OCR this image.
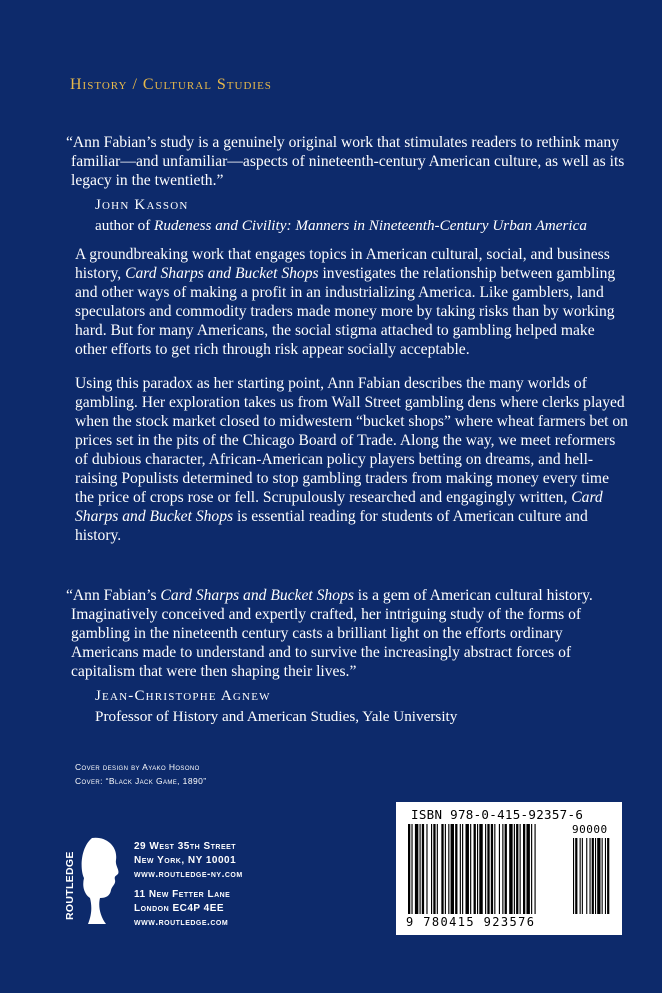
History / Cultural Studies

“Ann Fabian’s study is a genuinely original work that stimulates readers to rethink many familiar—and unfamiliar—aspects of nineteenth-century American culture, as well as its legacy in the twentieth.”

John Kasson
author of Rudeness and Civility: Manners in Nineteenth-Century Urban America

A groundbreaking work that engages topics in American cultural, social, and business history, Card Sharps and Bucket Shops investigates the relationship between gambling and other ways of making a profit in an industrializing America. Like gamblers, land speculators and commodity traders made money more by taking risks than by working hard. But for many Americans, the social stigma attached to gambling helped make other efforts to get rich through risk appear socially acceptable.

Using this paradox as her starting point, Ann Fabian describes the many worlds of gambling. Her exploration takes us from Wall Street gambling dens where clerks played when the stock market closed to midwestern “bucket shops” where wheat farmers bet on prices set in the pits of the Chicago Board of Trade. Along the way, we meet reformers of dubious character, African-American policy players betting on dreams, and hell-raising Populists determined to stop gambling traders from making money every time the price of crops rose or fell. Scrupulously researched and engagingly written, Card Sharps and Bucket Shops is essential reading for students of American culture and history.

“Ann Fabian’s Card Sharps and Bucket Shops is a gem of American cultural history. Imaginatively conceived and expertly crafted, her intriguing study of the forms of gambling in the nineteenth century casts a brilliant light on the efforts ordinary Americans made to understand and to survive the increasingly abstract forces of capitalism that were then shaping their lives.”

Jean-Christophe Agnew
Professor of History and American Studies, Yale University
Cover design by Ayako Hosono
Cover: “Black Jack Game, 1890”
ROUTLEDGE
29 West 35th Street
New York, NY 10001
www.routledge-ny.com
11 New Fetter Lane
London EC4P 4EE
www.routledge.com
ISBN 978-0-415-92357-6
9 780415 923576
90000
